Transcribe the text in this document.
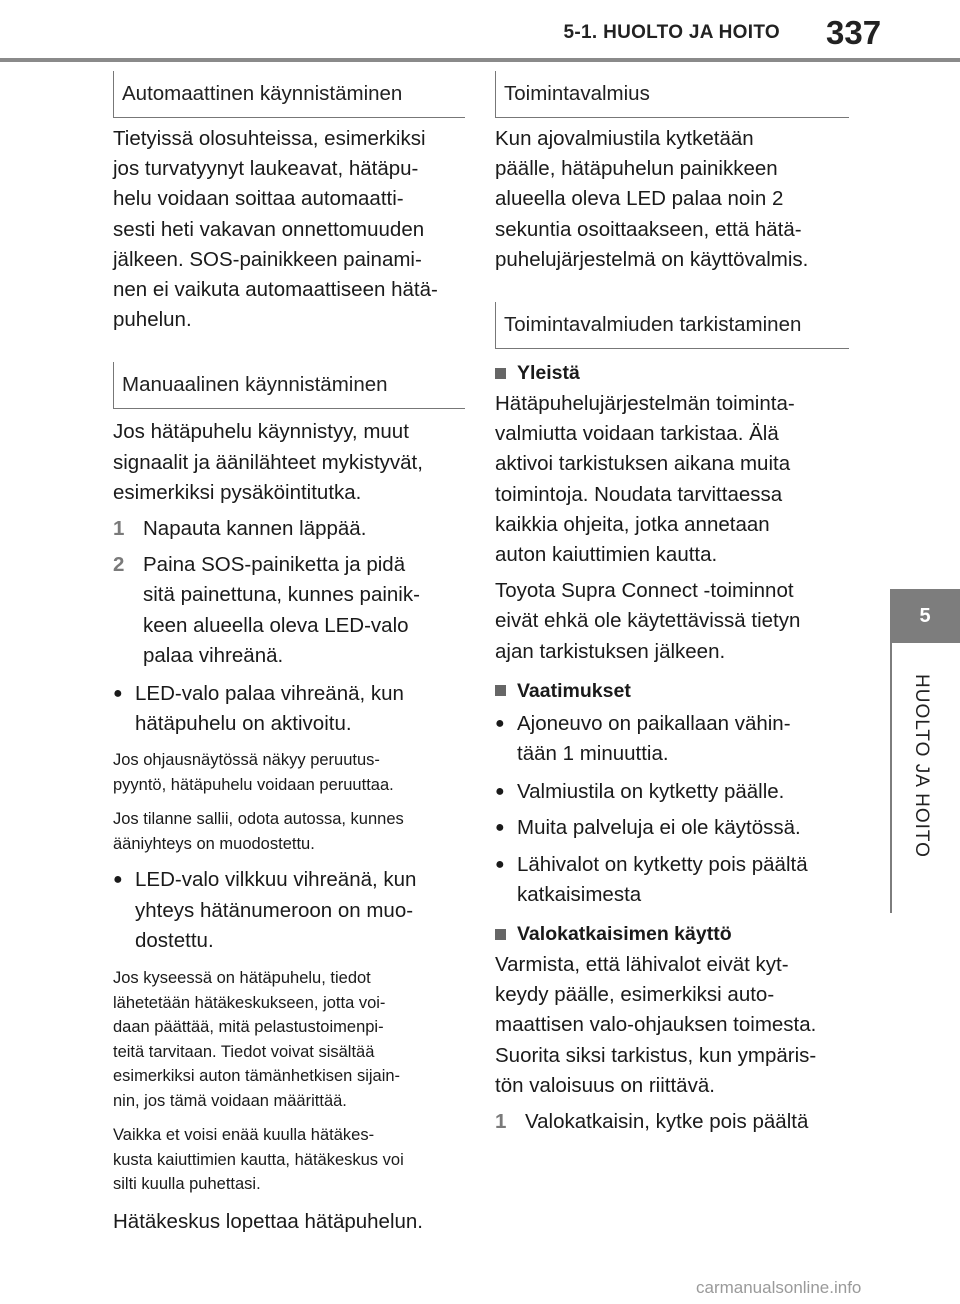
5-1. HUOLTO JA HOITO 337
5
HUOLTO JA HOITO
Automaattinen käynnistäminen

Tietyissä olosuhteissa, esimerkiksi

jos turvatyynyt laukeavat, hätäpu-

helu voidaan soittaa automaatti-

sesti heti vakavan onnettomuuden

jälkeen. SOS-painikkeen painami-

nen ei vaikuta automaattiseen hätä-

puhelun.

Manuaalinen käynnistäminen

Jos hätäpuhelu käynnistyy, muut

signaalit ja äänilähteet mykistyvät,

esimerkiksi pysäköintitutka.

1 Napauta kannen läppää.

2 Paina SOS-painiketta ja pidä

sitä painettuna, kunnes painik-

keen alueella oleva LED-valo

palaa vihreänä.

● LED-valo palaa vihreänä, kun

hätäpuhelu on aktivoitu.

Jos ohjausnäytössä näkyy peruutus-

pyyntö, hätäpuhelu voidaan peruuttaa.

Jos tilanne sallii, odota autossa, kunnes

ääniyhteys on muodostettu.

● LED-valo vilkkuu vihreänä, kun

yhteys hätänumeroon on muo-

dostettu.

Jos kyseessä on hätäpuhelu, tiedot

lähetetään hätäkeskukseen, jotta voi-

daan päättää, mitä pelastustoimenpi-

teitä tarvitaan. Tiedot voivat sisältää

esimerkiksi auton tämänhetkisen sijain-

nin, jos tämä voidaan määrittää.

Vaikka et voisi enää kuulla hätäkes-

kusta kaiuttimien kautta, hätäkeskus voi

silti kuulla puhettasi.

Hätäkeskus lopettaa hätäpuhelun.

Toimintavalmius

Kun ajovalmiustila kytketään

päälle, hätäpuhelun painikkeen

alueella oleva LED palaa noin 2

sekuntia osoittaakseen, että hätä-

puhelujärjestelmä on käyttövalmis.

Toimintavalmiuden tarkistaminen
Yleistä

Hätäpuhelujärjestelmän toiminta-

valmiutta voidaan tarkistaa. Älä

aktivoi tarkistuksen aikana muita

toimintoja. Noudata tarvittaessa

kaikkia ohjeita, jotka annetaan

auton kaiuttimien kautta.

Toyota Supra Connect -toiminnot

eivät ehkä ole käytettävissä tietyn

ajan tarkistuksen jälkeen.

Vaatimukset
● Ajoneuvo on paikallaan vähin-

tään 1 minuuttia.

● Valmiustila on kytketty päälle.

● Muita palveluja ei ole käytössä.

● Lähivalot on kytketty pois päältä

katkaisimesta

Valokatkaisimen käyttö

Varmista, että lähivalot eivät kyt-

keydy päälle, esimerkiksi auto-

maattisen valo-ohjauksen toimesta.

Suorita siksi tarkistus, kun ympäris-

tön valoisuus on riittävä.

1 Valokatkaisin, kytke pois päältä
carmanualsonline.info
